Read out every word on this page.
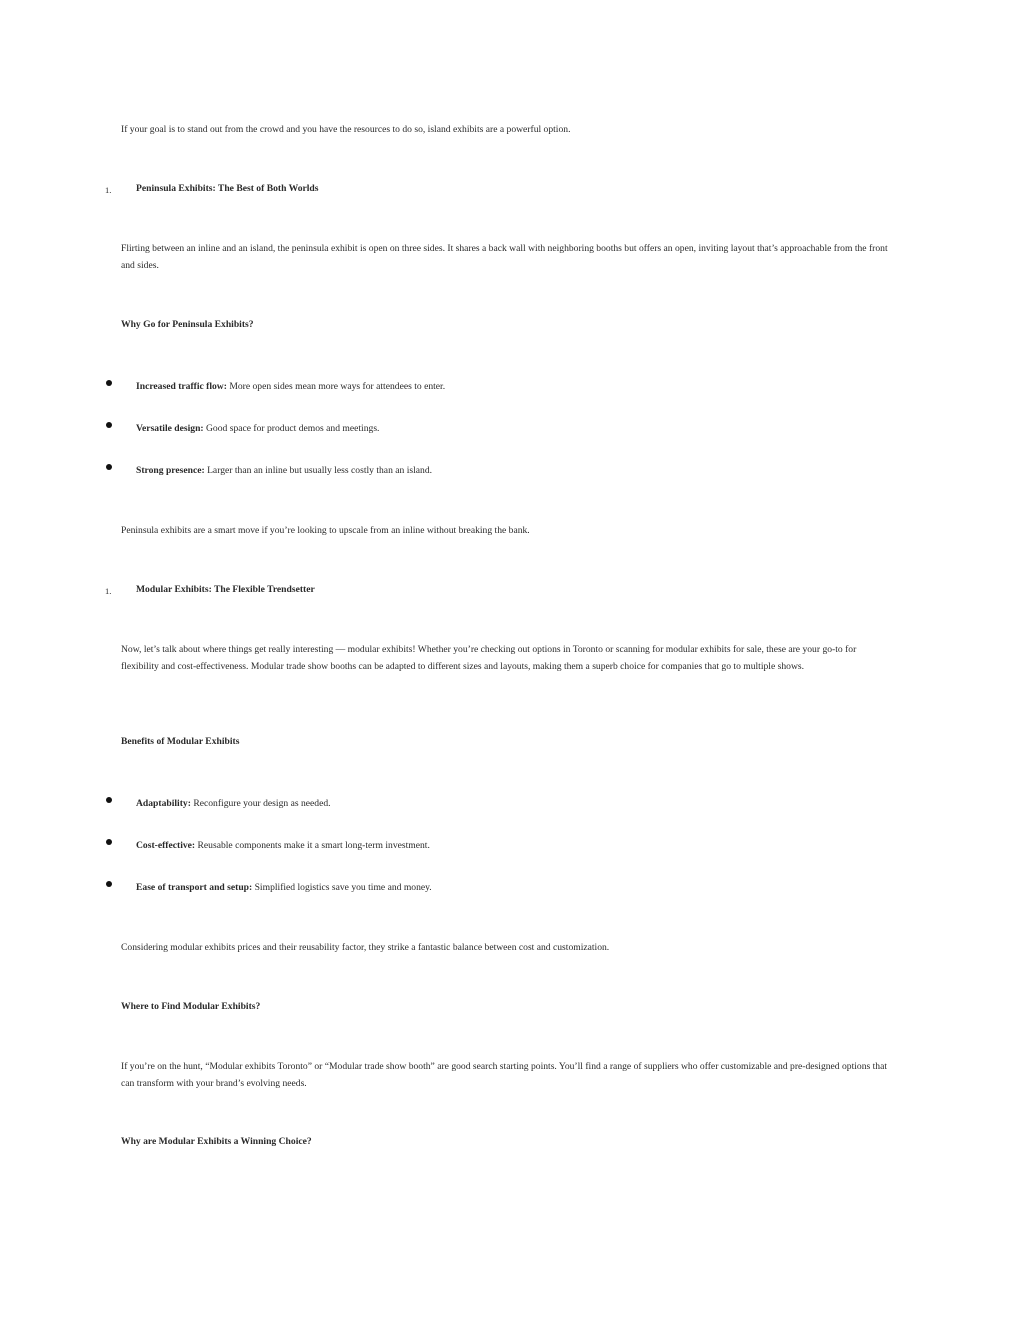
If your goal is to stand out from the crowd and you have the resources to do so, island exhibits are a powerful option.
1.	Peninsula Exhibits: The Best of Both Worlds
Flirting between an inline and an island, the peninsula exhibit is open on three sides. It shares a back wall with neighboring booths but offers an open, inviting layout that’s approachable from the front and sides.
Why Go for Peninsula Exhibits?
Increased traffic flow: More open sides mean more ways for attendees to enter.
Versatile design: Good space for product demos and meetings.
Strong presence: Larger than an inline but usually less costly than an island.
Peninsula exhibits are a smart move if you’re looking to upscale from an inline without breaking the bank.
1.	Modular Exhibits: The Flexible Trendsetter
Now, let’s talk about where things get really interesting — modular exhibits! Whether you’re checking out options in Toronto or scanning for modular exhibits for sale, these are your go-to for flexibility and cost-effectiveness. Modular trade show booths can be adapted to different sizes and layouts, making them a superb choice for companies that go to multiple shows.
Benefits of Modular Exhibits
Adaptability: Reconfigure your design as needed.
Cost-effective: Reusable components make it a smart long-term investment.
Ease of transport and setup: Simplified logistics save you time and money.
Considering modular exhibits prices and their reusability factor, they strike a fantastic balance between cost and customization.
Where to Find Modular Exhibits?
If you’re on the hunt, “Modular exhibits Toronto” or “Modular trade show booth” are good search starting points. You’ll find a range of suppliers who offer customizable and pre-designed options that can transform with your brand’s evolving needs.
Why are Modular Exhibits a Winning Choice?
